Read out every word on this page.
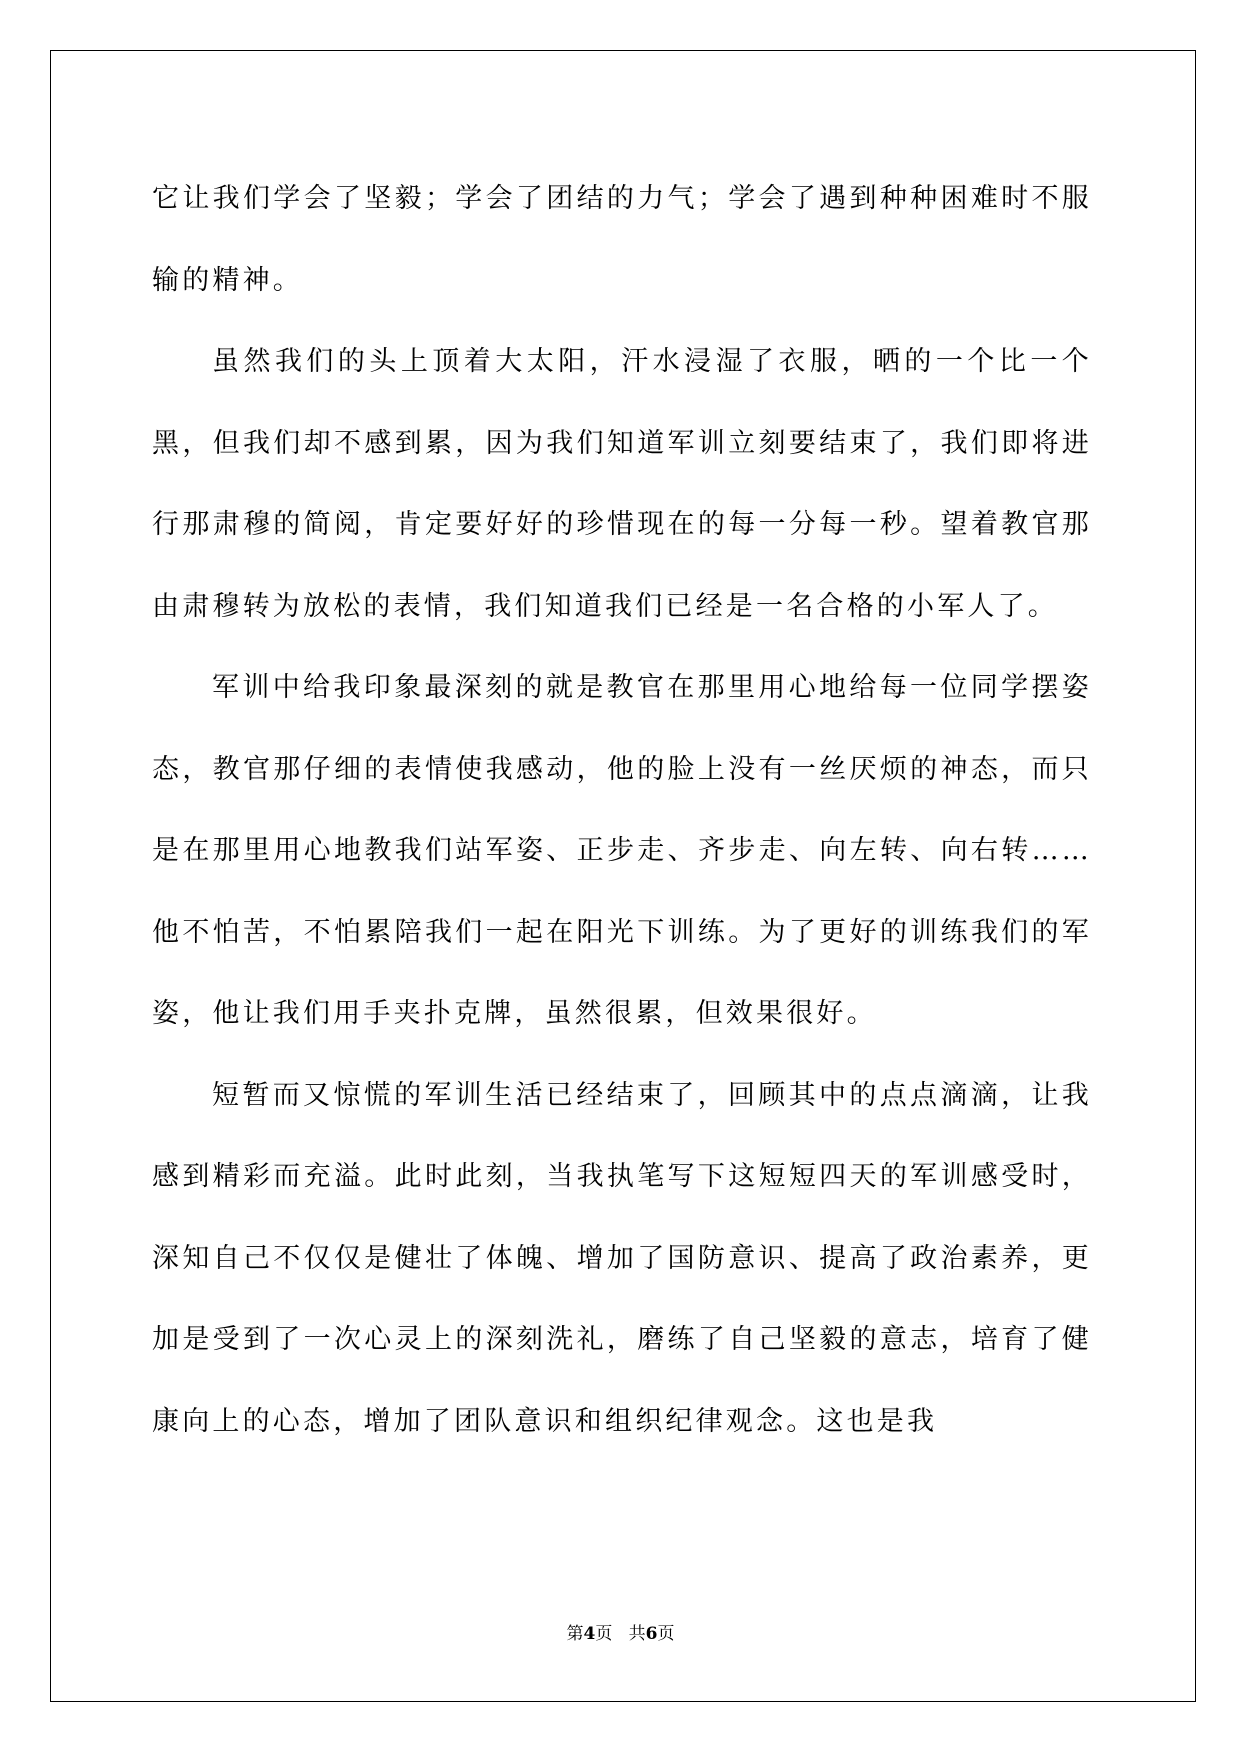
它让我们学会了坚毅；学会了团结的力气；学会了遇到种种困难时不服输的精神。

虽然我们的头上顶着大太阳，汗水浸湿了衣服，晒的一个比一个黑，但我们却不感到累，因为我们知道军训立刻要结束了，我们即将进行那肃穆的简阅，肯定要好好的珍惜现在的每一分每一秒。望着教官那由肃穆转为放松的表情，我们知道我们已经是一名合格的小军人了。

军训中给我印象最深刻的就是教官在那里用心地给每一位同学摆姿态，教官那仔细的表情使我感动，他的脸上没有一丝厌烦的神态，而只是在那里用心地教我们站军姿、正步走、齐步走、向左转、向右转……他不怕苦，不怕累陪我们一起在阳光下训练。为了更好的训练我们的军姿，他让我们用手夹扑克牌，虽然很累，但效果很好。

短暂而又惊慌的军训生活已经结束了，回顾其中的点点滴滴，让我感到精彩而充溢。此时此刻，当我执笔写下这短短四天的军训感受时，深知自己不仅仅是健壮了体魄、增加了国防意识、提高了政治素养，更加是受到了一次心灵上的深刻洗礼，磨练了自己坚毅的意志，培育了健康向上的心态，增加了团队意识和组织纪律观念。这也是我

第4页 共6页
